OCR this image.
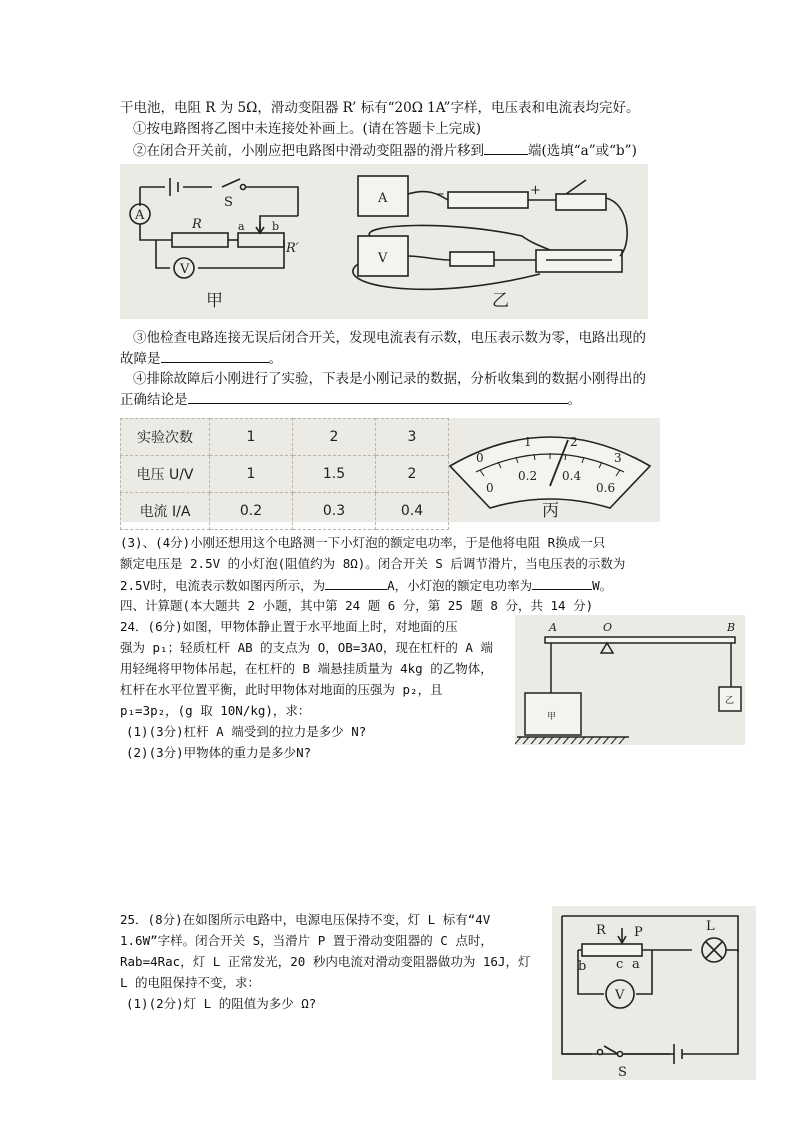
干电池，电阻 R 为 5Ω，滑动变阻器 R’ 标有“20Ω 1A”字样，电压表和电流表均完好。
①按电路图将乙图中未连接处补画上。(请在答题卡上完成)
②在闭合开关前，小刚应把电路图中滑动变阻器的滑片移到	端(选填“a”或“b”)
S
A
R	a b
R′
V
甲
A
V
−	+
乙
③他检查电路连接无误后闭合开关，发现电流表有示数，电压表示数为零，电路出现的
故障是	。
④排除故障后小刚进行了实验，下表是小刚记录的数据，分析收集到的数据小刚得出的
正确结论是	。
实验次数	1	2	3
电压 U/V	1	1.5	2
电流 I/A	0.2	0.3	0.4
0
1	2
3
0
0.2 0.4
0.6
丙
(3)、(4分)小刚还想用这个电路测一下小灯泡的额定电功率，于是他将电阻 R换成一只
额定电压是 2.5V 的小灯泡(阻值约为 8Ω)。闭合开关 S 后调节滑片，当电压表的示数为
2.5V时，电流表示数如图丙所示，为	A，小灯泡的额定电功率为	W。
四、计算题(本大题共 2 小题，其中第 24 题 6 分，第 25 题 8 分，共 14 分)
24．(6分)如图，甲物体静止置于水平地面上时，对地面的压
强为 p₁；轻质杠杆 AB 的支点为 O，OB=3AO，现在杠杆的 A 端
用轻绳将甲物体吊起，在杠杆的 B 端悬挂质量为 4kg 的乙物体，
杠杆在水平位置平衡，此时甲物体对地面的压强为 p₂，且
p₁=3p₂，(g 取 10N/kg)，求：
(1)(3分)杠杆 A 端受到的拉力是多少 N?
(2)(3分)甲物体的重力是多少N?
A	O	B
甲
乙
25．(8分)在如图所示电路中，电源电压保持不变，灯 L 标有“4V
1.6W”字样。闭合开关 S，当滑片 P 置于滑动变阻器的 C 点时，
Rab=4Rac，灯 L 正常发光，20 秒内电流对滑动变阻器做功为 16J，灯
L 的电阻保持不变，求：
(1)(2分)灯 L 的阻值为多少 Ω?
R P	L
b c a
V
S
